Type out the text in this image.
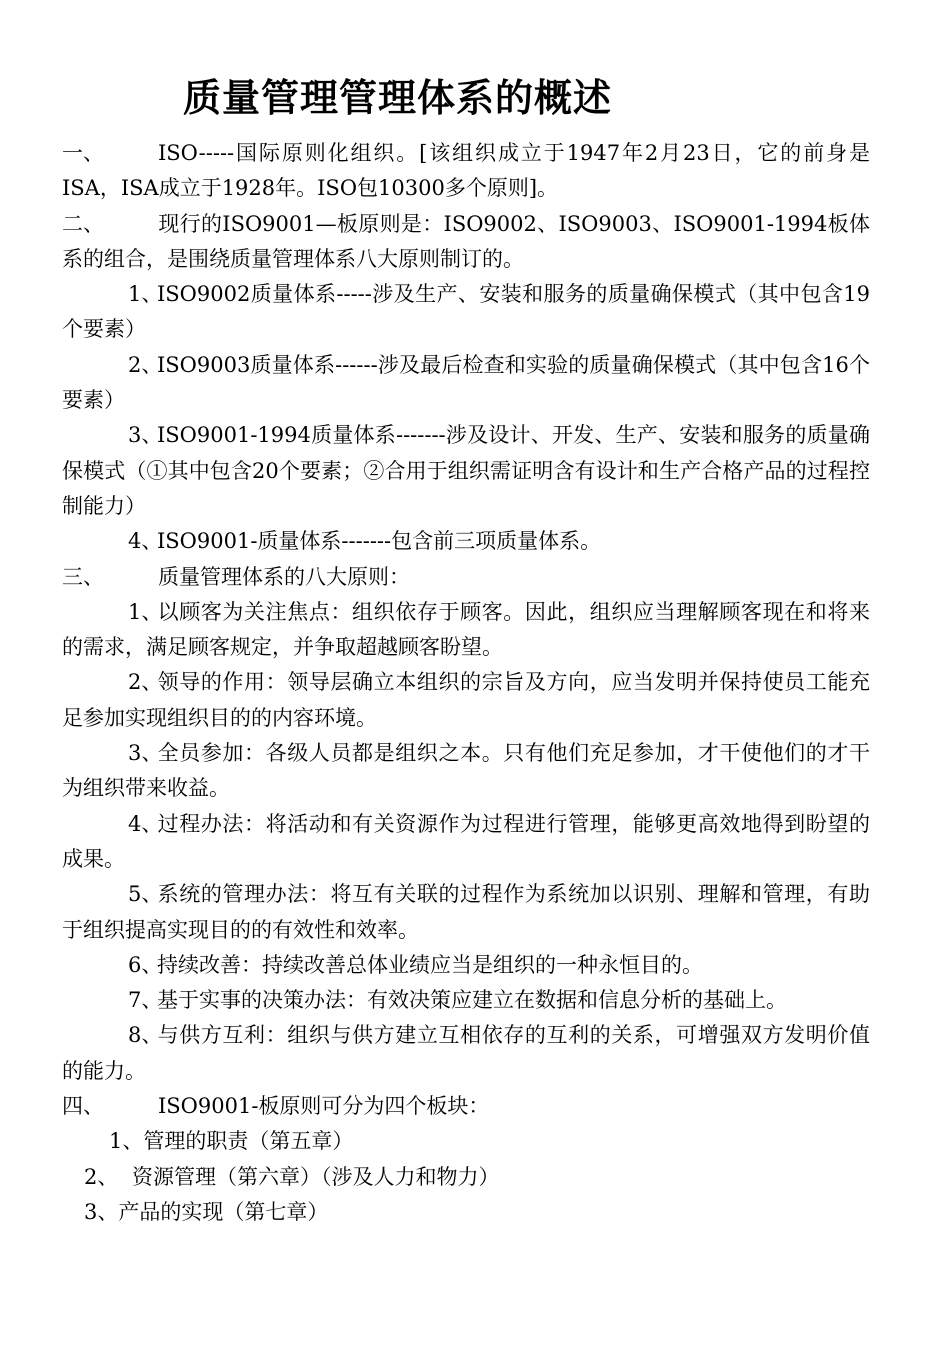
质量管理管理体系的概述

一、	ISO-----国际原则化组织。[该组织成立于1947年2月23日，它的前身是ISA，ISA成立于1928年。ISO包10300多个原则]。

二、	现行的ISO9001—板原则是：ISO9002、ISO9003、ISO9001-1994板体系的组合，是围绕质量管理体系八大原则制订的。

1、ISO9002质量体系-----涉及生产、安装和服务的质量确保模式（其中包含19个要素）

2、ISO9003质量体系------涉及最后检查和实验的质量确保模式（其中包含16个要素）

3、ISO9001-1994质量体系-------涉及设计、开发、生产、安装和服务的质量确保模式（①其中包含20个要素；②合用于组织需证明含有设计和生产合格产品的过程控制能力）

4、ISO9001-质量体系-------包含前三项质量体系。

三、	质量管理体系的八大原则：

1、以顾客为关注焦点：组织依存于顾客。因此，组织应当理解顾客现在和将来的需求，满足顾客规定，并争取超越顾客盼望。

2、领导的作用：领导层确立本组织的宗旨及方向，应当发明并保持使员工能充足参加实现组织目的的内容环境。

3、全员参加：各级人员都是组织之本。只有他们充足参加，才干使他们的才干为组织带来收益。

4、过程办法：将活动和有关资源作为过程进行管理，能够更高效地得到盼望的成果。

5、系统的管理办法：将互有关联的过程作为系统加以识别、理解和管理，有助于组织提高实现目的的有效性和效率。

6、持续改善：持续改善总体业绩应当是组织的一种永恒目的。

7、基于实事的决策办法：有效决策应建立在数据和信息分析的基础上。

8、与供方互利：组织与供方建立互相依存的互利的关系，可增强双方发明价值的能力。

四、	ISO9001-板原则可分为四个板块：

1、管理的职责（第五章）

2、 资源管理（第六章）（涉及人力和物力）

3、产品的实现（第七章）
